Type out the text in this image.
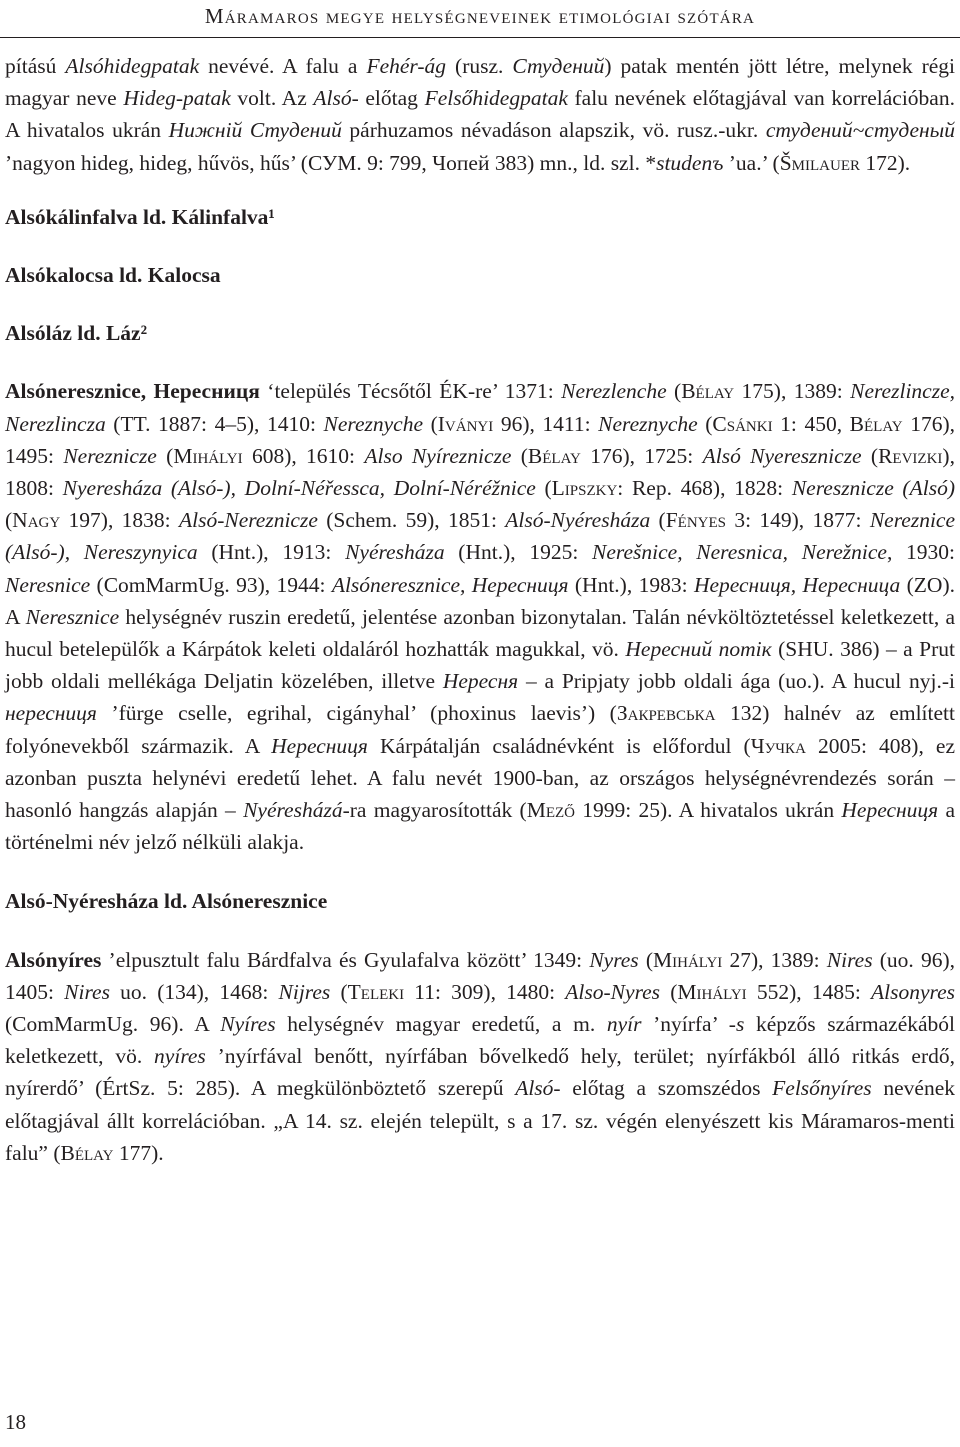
Máramaros megye helységneveinek etimológiai szótára

pítású Alsóhidegpatak nevévé. A falu a Fehér-ág (rusz. Студений) patak mentén jött létre, melynek régi magyar neve Hideg-patak volt. Az Alsó- előtag Felsőhidegpatak falu nevének előtagjával van korrelációban. A hivatalos ukrán Нижній Студений párhuzamos névadáson alapszik, vö. rusz.-ukr. студений~студеный ’nagyon hideg, hideg, hűvös, hűs’ (СУМ. 9: 799, Чопей 383) mn., ld. szl. *studenъ ’ua.’ (Šmilauer 172).

Alsókálinfalva ld. Kálinfalva¹

Alsókalocsa ld. Kalocsa

Alsóláz ld. Láz²

Alsóneresznice, Нересниця ‘település Técsőtől ÉK-re’ 1371: Nerezlenche (Bélay 175), 1389: Nerezlincze, Nerezlincza (TT. 1887: 4–5), 1410: Nereznyche (Iványi 96), 1411: Nereznyche (Csánki 1: 450, Bélay 176), 1495: Nereznicze (Mihályi 608), 1610: Also Nyíreznicze (Bélay 176), 1725: Alsó Nyeresznicze (Revizki), 1808: Nyeresháza (Alsó-), Dolní-Néřessca, Dolní-Néréžnice (Lipszky: Rep. 468), 1828: Neresznicze (Alsó) (Nagy 197), 1838: Alsó-Nereznicze (Schem. 59), 1851: Alsó-Nyéresháza (Fényes 3: 149), 1877: Nereznice (Alsó-), Nereszynyica (Hnt.), 1913: Nyéresháza (Hnt.), 1925: Nerešnice, Neresnica, Nerežnice, 1930: Neresnice (ComMarmUg. 93), 1944: Alsóneresznice, Нересниця (Hnt.), 1983: Нересниця, Нересница (ZO). A Neresznice helységnév ruszin eredetű, jelentése azonban bizonytalan. Talán névköltöztetéssel keletkezett, a hucul betelepülők a Kárpátok keleti oldaláról hozhatták magukkal, vö. Нересний потік (SHU. 386) – a Prut jobb oldali mellékága Deljatin közelében, illetve Нересня – a Pripjaty jobb oldali ága (uo.). A hucul nyj.-i нересниця ’fürge cselle, egrihal, cigányhal’ (phoxinus laevis’) (Закревська 132) halnév az említett folyónevekből származik. A Нересниця Kárpátalján családnévként is előfordul (Чучка 2005: 408), ez azonban puszta helynévi eredetű lehet. A falu nevét 1900-ban, az országos helységnévrendezés során – hasonló hangzás alapján – Nyéresházá-ra magyarosították (Mező 1999: 25). A hivatalos ukrán Нересниця a történelmi név jelző nélküli alakja.

Alsó-Nyéresháza ld. Alsóneresznice

Alsónyíres ’elpusztult falu Bárdfalva és Gyulafalva között’ 1349: Nyres (Mihályi 27), 1389: Nires (uo. 96), 1405: Nires uo. (134), 1468: Nijres (Teleki 11: 309), 1480: Also-Nyres (Mihályi 552), 1485: Alsonyres (ComMarmUg. 96). A Nyíres helységnév magyar eredetű, a m. nyír ’nyírfa’ -s képzős származékából keletkezett, vö. nyíres ’nyírfával benőtt, nyírfában bővelkedő hely, terület; nyírfákból álló ritkás erdő, nyírerdő’ (ÉrtSz. 5: 285). A megkülönböztető szerepű Alsó- előtag a szomszédos Felsőnyíres nevének előtagjával állt korrelációban. „A 14. sz. elején települt, s a 17. sz. végén elenyészett kis Máramaros-menti falu” (Bélay 177).

18
